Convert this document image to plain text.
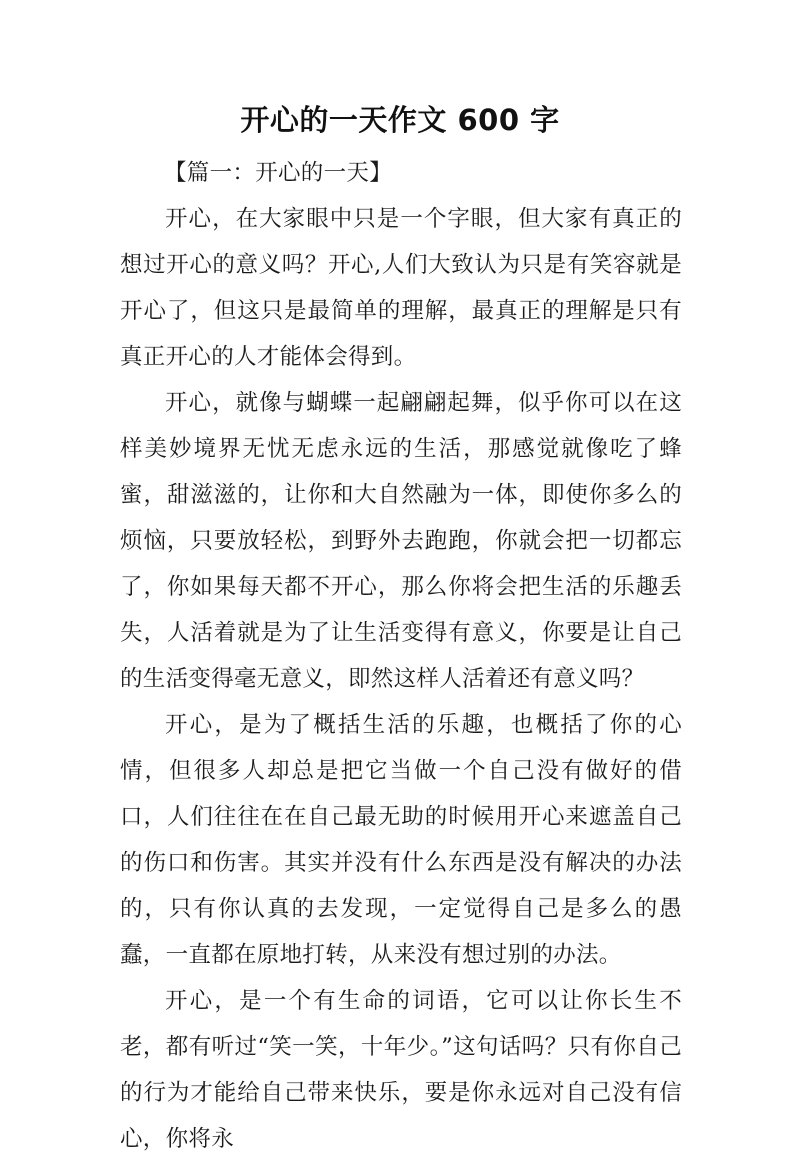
开心的一天作文 600 字

【篇一：开心的一天】

开心，在大家眼中只是一个字眼，但大家有真正的想过开心的意义吗？开心,人们大致认为只是有笑容就是开心了，但这只是最简单的理解，最真正的理解是只有真正开心的人才能体会得到。

开心，就像与蝴蝶一起翩翩起舞，似乎你可以在这样美妙境界无忧无虑永远的生活，那感觉就像吃了蜂蜜，甜滋滋的，让你和大自然融为一体，即使你多么的烦恼，只要放轻松，到野外去跑跑，你就会把一切都忘了，你如果每天都不开心，那么你将会把生活的乐趣丢失，人活着就是为了让生活变得有意义，你要是让自己的生活变得毫无意义，即然这样人活着还有意义吗？

开心，是为了概括生活的乐趣，也概括了你的心情，但很多人却总是把它当做一个自己没有做好的借口，人们往往在在自己最无助的时候用开心来遮盖自己的伤口和伤害。其实并没有什么东西是没有解决的办法的，只有你认真的去发现，一定觉得自己是多么的愚蠢，一直都在原地打转，从来没有想过别的办法。

开心，是一个有生命的词语，它可以让你长生不老，都有听过“笑一笑，十年少。”这句话吗？只有你自己的行为才能给自己带来快乐，要是你永远对自己没有信心，你将永
